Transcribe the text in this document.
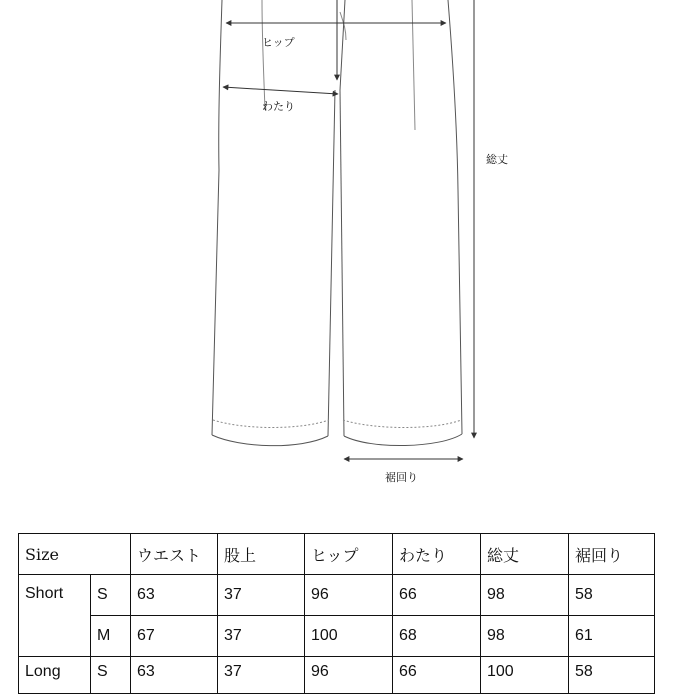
ヒップ
わたり
総丈
裾回り
Size		ウエスト	股上	ヒップ	わたり	総丈	裾回り
Short	S	63	37	96	66	98	58
	M	67	37	100	68	98	61
Long	S	63	37	96	66	100	58
